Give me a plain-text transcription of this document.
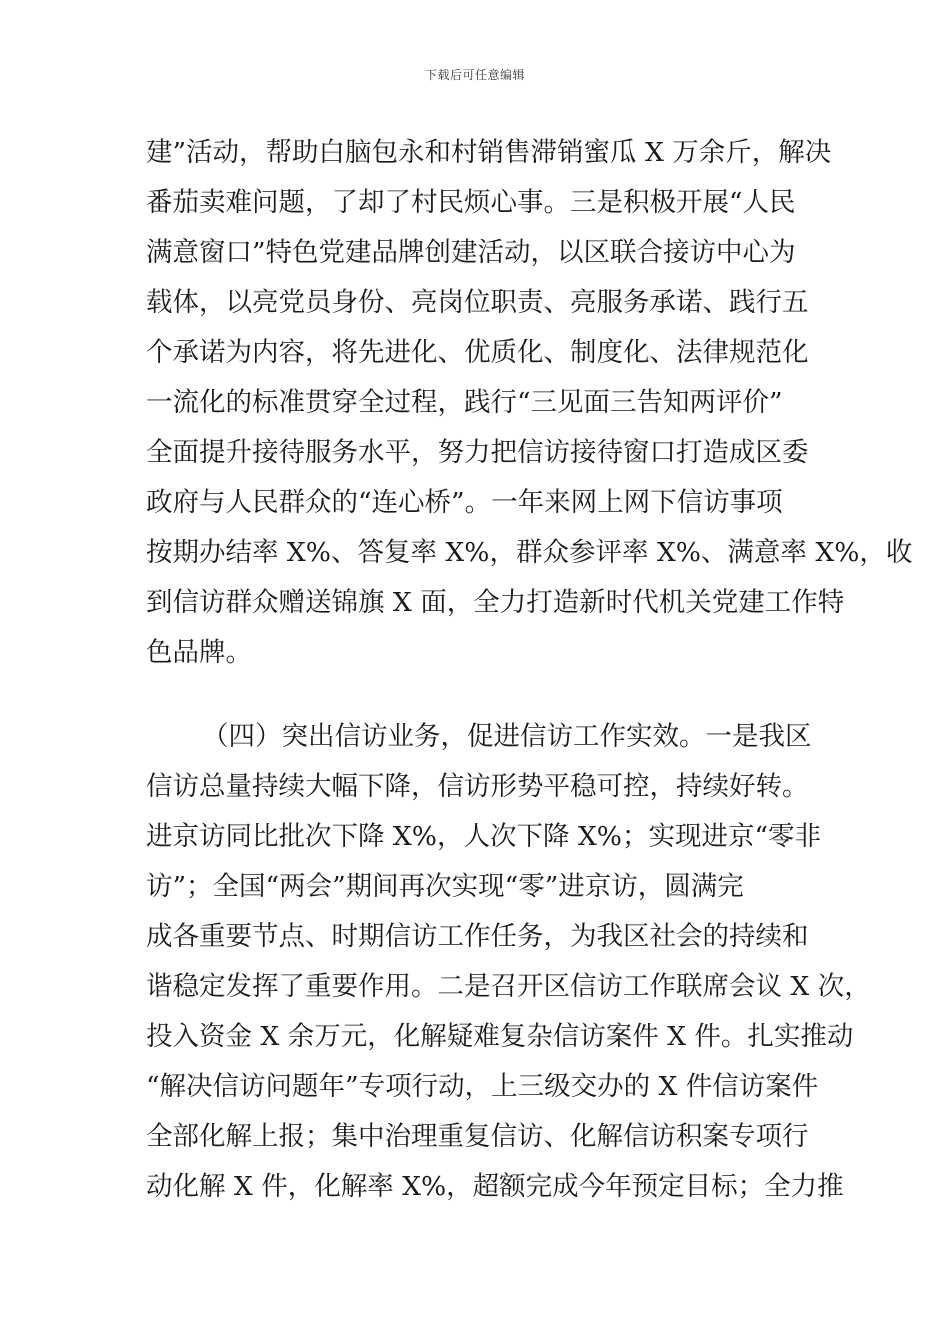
下载后可任意编辑
建”活动，帮助白脑包永和村销售滞销蜜瓜 X 万余斤，解决
番茄卖难问题，了却了村民烦心事。三是积极开展“人民
满意窗口”特色党建品牌创建活动，以区联合接访中心为
载体，以亮党员身份、亮岗位职责、亮服务承诺、践行五
个承诺为内容，将先进化、优质化、制度化、法律规范化
一流化的标准贯穿全过程，践行“三见面三告知两评价”
全面提升接待服务水平，努力把信访接待窗口打造成区委
政府与人民群众的“连心桥”。一年来网上网下信访事项
按期办结率 X%、答复率 X%，群众参评率 X%、满意率 X%，收
到信访群众赠送锦旗 X 面，全力打造新时代机关党建工作特
色品牌。
（四）突出信访业务，促进信访工作实效。一是我区
信访总量持续大幅下降，信访形势平稳可控，持续好转。
进京访同比批次下降 X%，人次下降 X%；实现进京“零非
访”；全国“两会”期间再次实现“零”进京访，圆满完
成各重要节点、时期信访工作任务，为我区社会的持续和
谐稳定发挥了重要作用。二是召开区信访工作联席会议 X 次，
投入资金 X 余万元，化解疑难复杂信访案件 X 件。扎实推动
“解决信访问题年”专项行动，上三级交办的 X 件信访案件
全部化解上报；集中治理重复信访、化解信访积案专项行
动化解 X 件，化解率 X%，超额完成今年预定目标；全力推
